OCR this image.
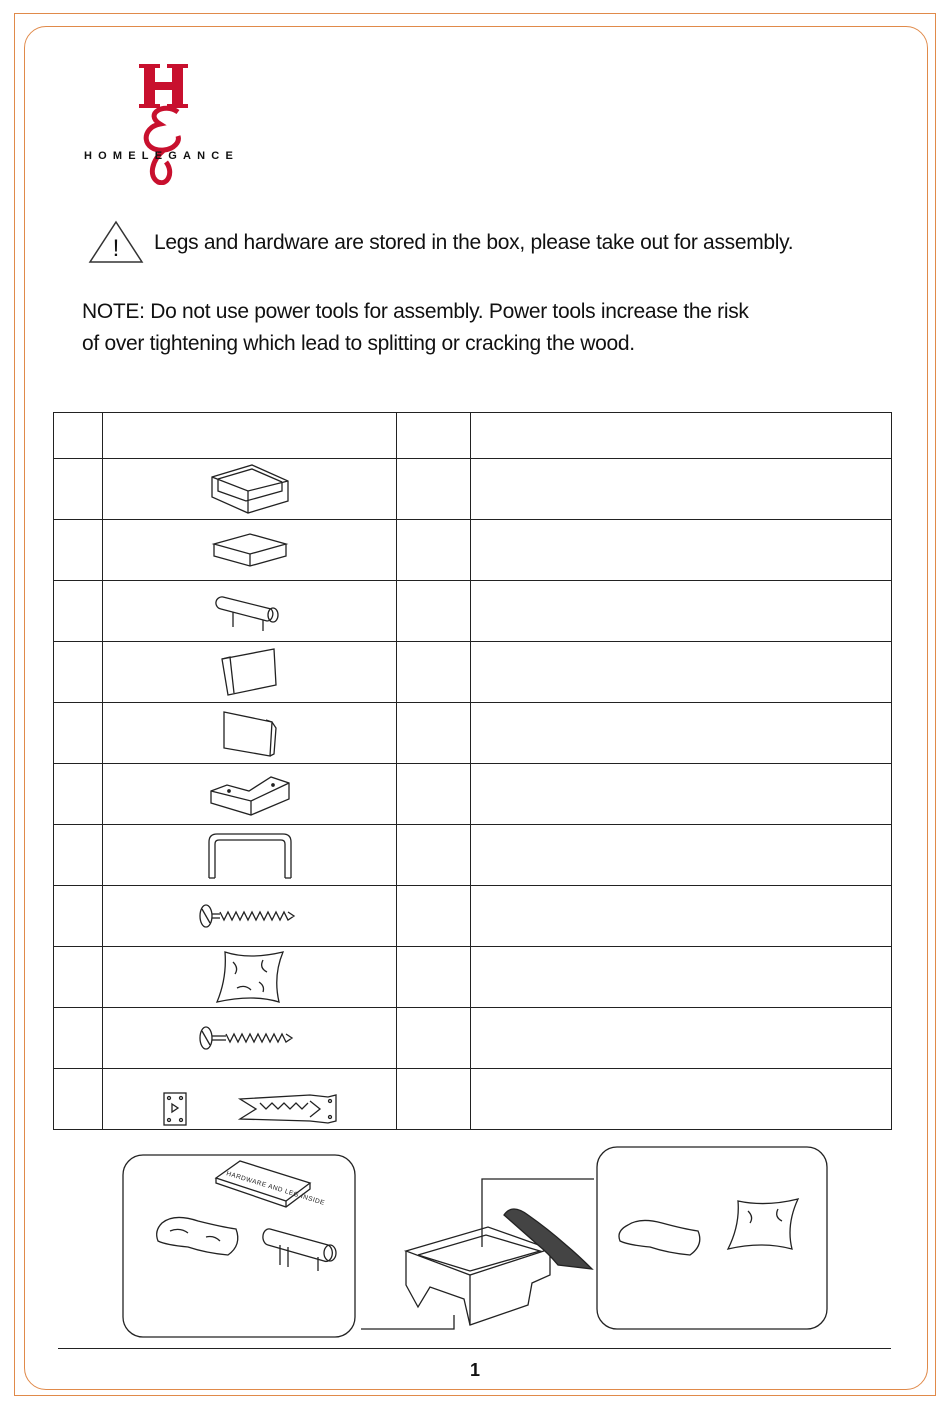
HOMELEGANCE
! Legs and hardware are stored in the box, please take out for assembly.

NOTE: Do not use power tools for assembly. Power tools increase the risk

of over tightening which lead to splitting or cracking the wood.

HARDWARE AND LEG INSIDE
1
